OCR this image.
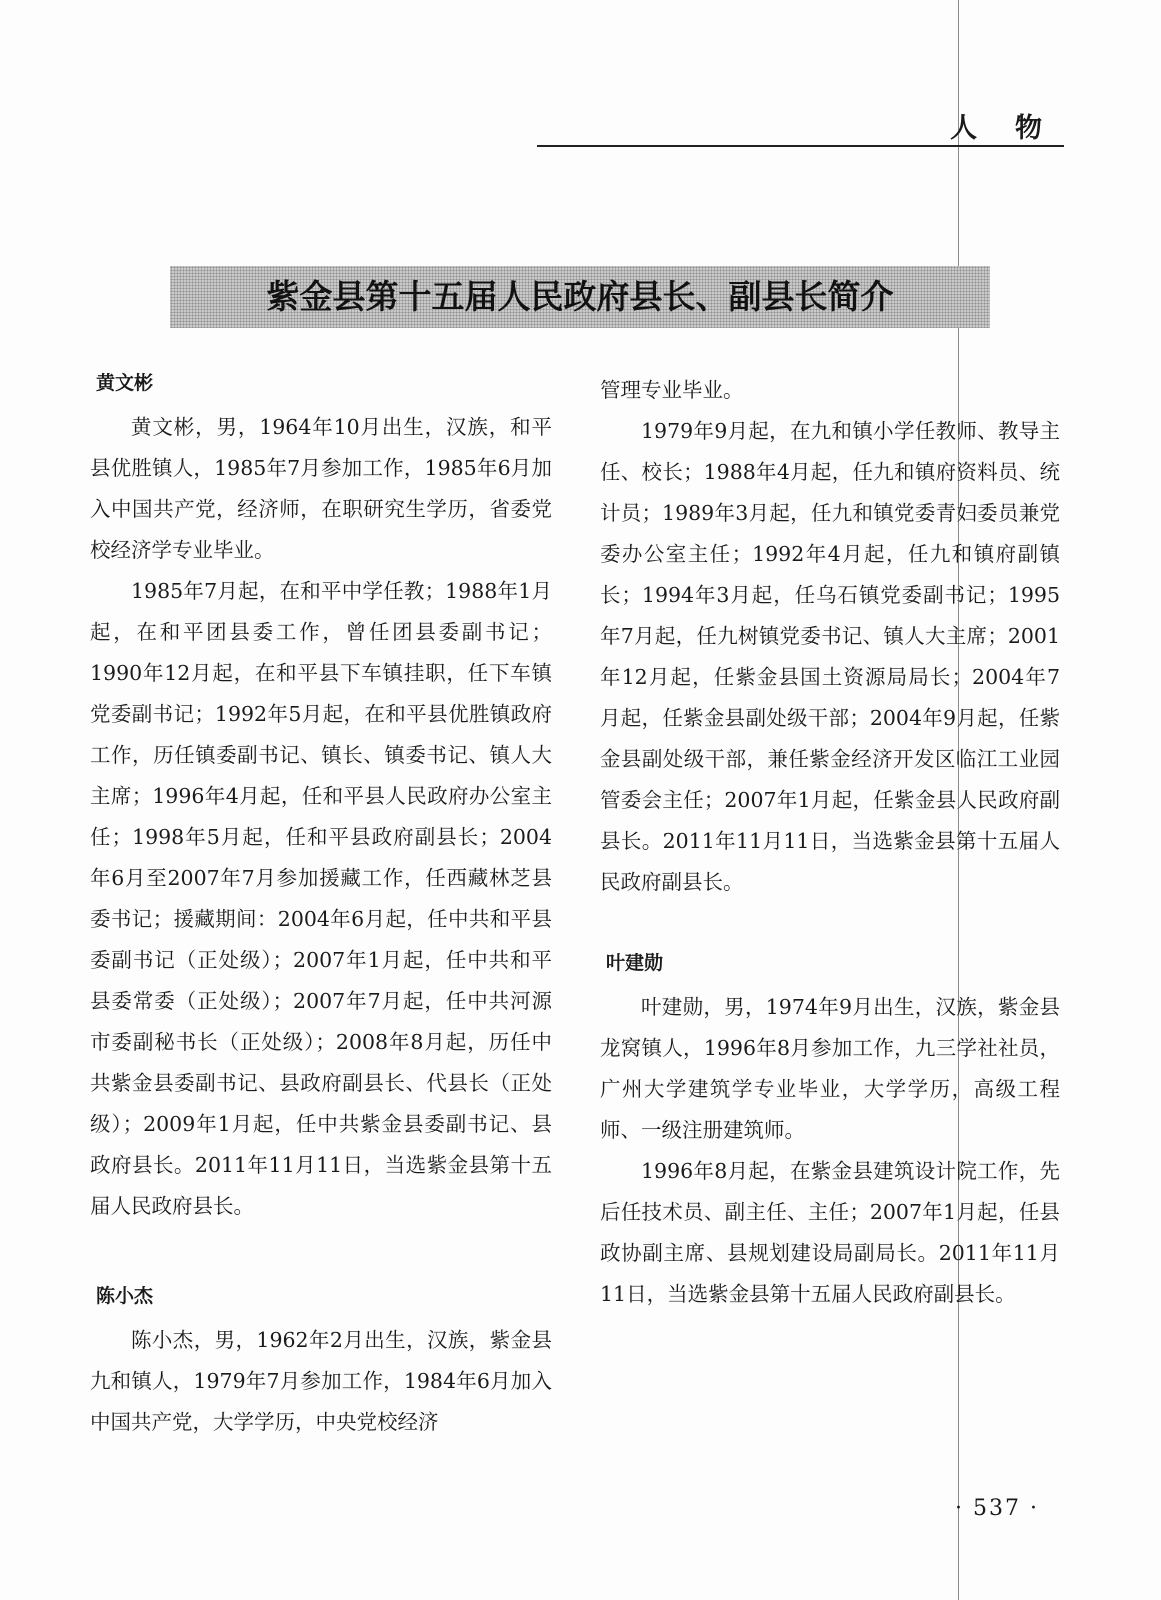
人物
紫金县第十五届人民政府县长、副县长简介
黄文彬

黄文彬，男，1964年10月出生，汉族，和平县优胜镇人，1985年7月参加工作，1985年6月加入中国共产党，经济师，在职研究生学历，省委党校经济学专业毕业。

1985年7月起，在和平中学任教；1988年1月起，在和平团县委工作，曾任团县委副书记；1990年12月起，在和平县下车镇挂职，任下车镇党委副书记；1992年5月起，在和平县优胜镇政府工作，历任镇委副书记、镇长、镇委书记、镇人大主席；1996年4月起，任和平县人民政府办公室主任；1998年5月起，任和平县政府副县长；2004年6月至2007年7月参加援藏工作，任西藏林芝县委书记；援藏期间：2004年6月起，任中共和平县委副书记（正处级）；2007年1月起，任中共和平县委常委（正处级）；2007年7月起，任中共河源市委副秘书长（正处级）；2008年8月起，历任中共紫金县委副书记、县政府副县长、代县长（正处级）；2009年1月起，任中共紫金县委副书记、县政府县长。2011年11月11日，当选紫金县第十五届人民政府县长。

陈小杰

陈小杰，男，1962年2月出生，汉族，紫金县九和镇人，1979年7月参加工作，1984年6月加入中国共产党，大学学历，中央党校经济

管理专业毕业。

1979年9月起，在九和镇小学任教师、教导主任、校长；1988年4月起，任九和镇府资料员、统计员；1989年3月起，任九和镇党委青妇委员兼党委办公室主任；1992年4月起，任九和镇府副镇长；1994年3月起，任乌石镇党委副书记；1995年7月起，任九树镇党委书记、镇人大主席；2001年12月起，任紫金县国土资源局局长；2004年7月起，任紫金县副处级干部；2004年9月起，任紫金县副处级干部，兼任紫金经济开发区临江工业园管委会主任；2007年1月起，任紫金县人民政府副县长。2011年11月11日，当选紫金县第十五届人民政府副县长。

叶建勋

叶建勋，男，1974年9月出生，汉族，紫金县龙窝镇人，1996年8月参加工作，九三学社社员，广州大学建筑学专业毕业，大学学历，高级工程师、一级注册建筑师。

1996年8月起，在紫金县建筑设计院工作，先后任技术员、副主任、主任；2007年1月起，任县政协副主席、县规划建设局副局长。2011年11月11日，当选紫金县第十五届人民政府副县长。

· 537 ·
